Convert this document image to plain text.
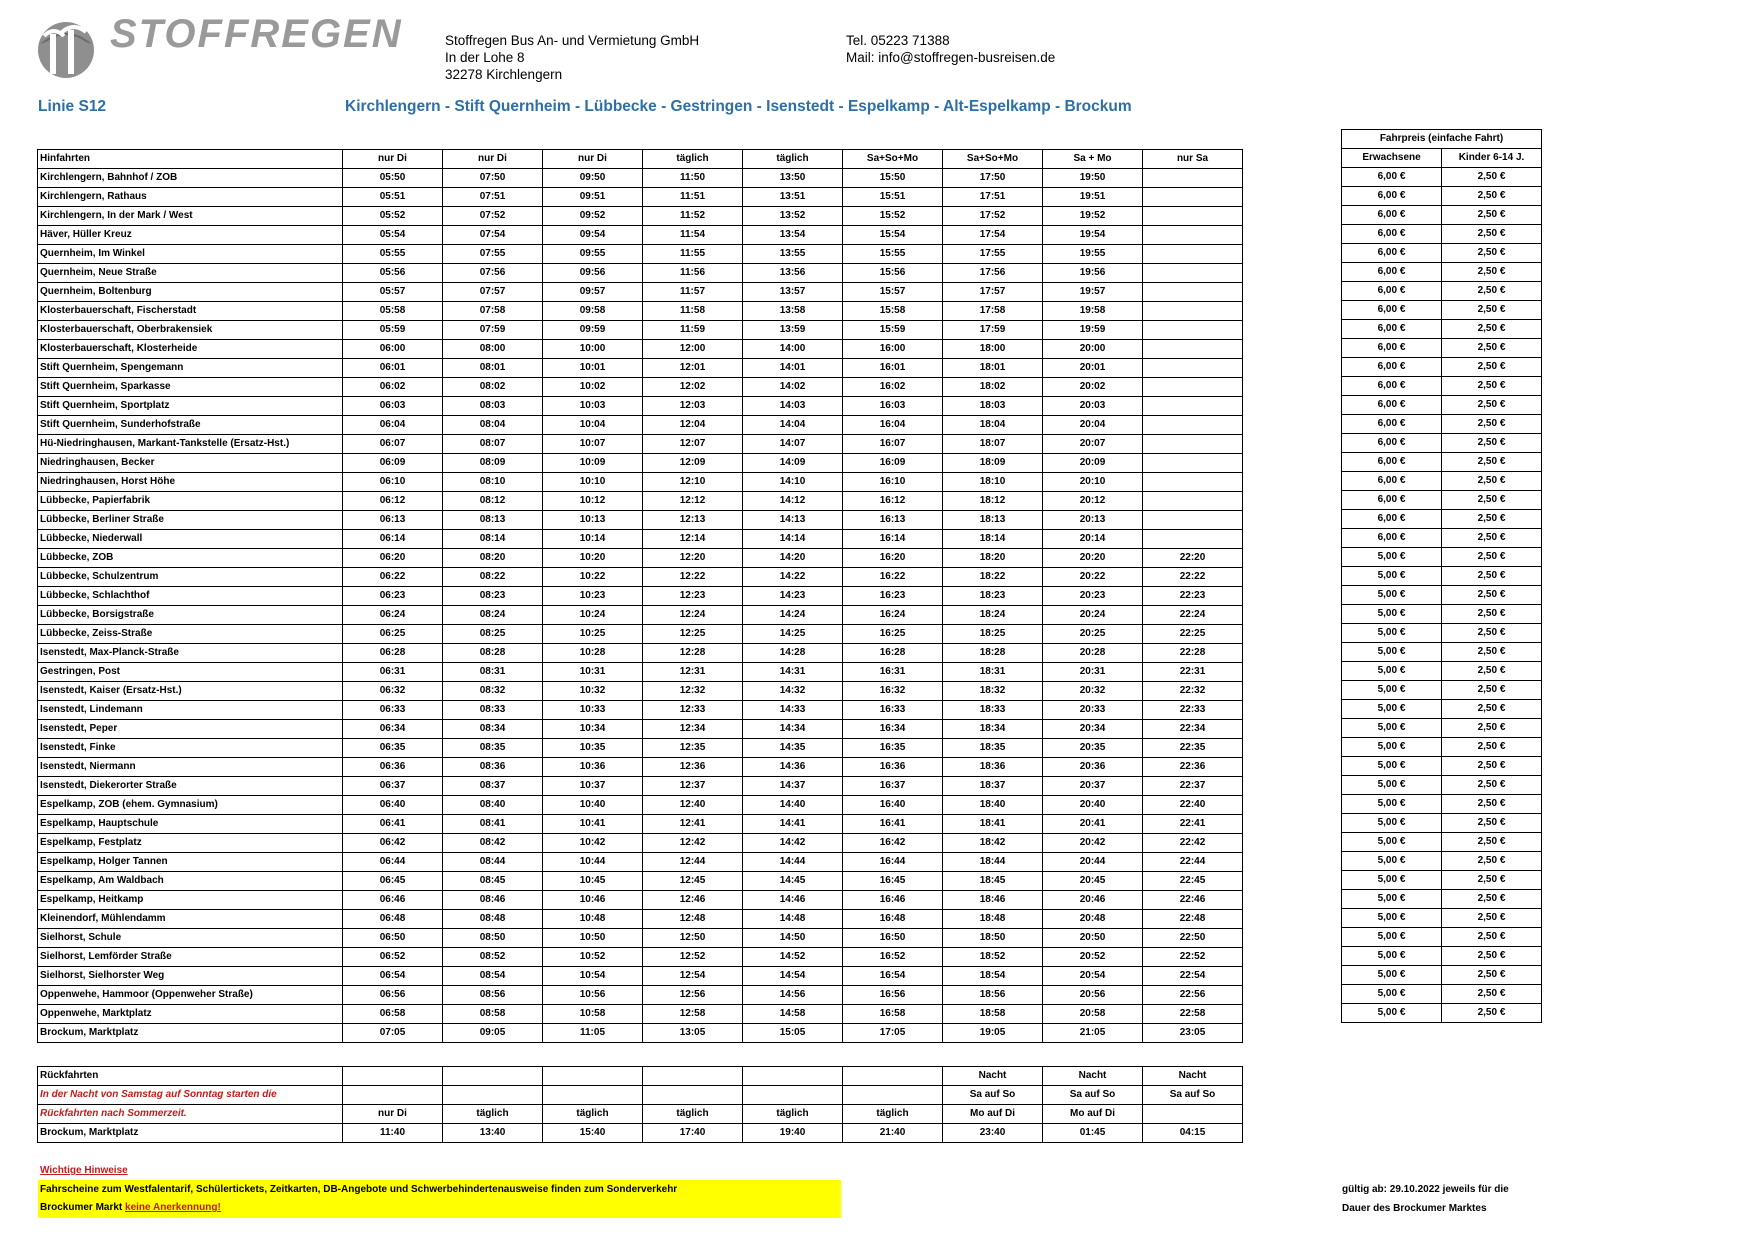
STOFFREGEN	Stoffregen Bus An- und Vermietung GmbH
In der Lohe 8
32278 Kirchlengern
Tel. 05223 71388
Mail: info@stoffregen-busreisen.de
Linie S12	Kirchlengern - Stift Quernheim - Lübbecke - Gestringen - Isenstedt - Espelkamp - Alt-Espelkamp - Brockum
Hinfahrten	nur Di	nur Di	nur Di	täglich	täglich	Sa+So+Mo	Sa+So+Mo	Sa + Mo	nur Sa
Kirchlengern, Bahnhof / ZOB	05:50	07:50	09:50	11:50	13:50	15:50	17:50	19:50	
Kirchlengern, Rathaus	05:51	07:51	09:51	11:51	13:51	15:51	17:51	19:51	
Kirchlengern, In der Mark / West	05:52	07:52	09:52	11:52	13:52	15:52	17:52	19:52	
Häver, Hüller Kreuz	05:54	07:54	09:54	11:54	13:54	15:54	17:54	19:54	
Quernheim, Im Winkel	05:55	07:55	09:55	11:55	13:55	15:55	17:55	19:55	
Quernheim, Neue Straße	05:56	07:56	09:56	11:56	13:56	15:56	17:56	19:56	
Quernheim, Boltenburg	05:57	07:57	09:57	11:57	13:57	15:57	17:57	19:57	
Klosterbauerschaft, Fischerstadt	05:58	07:58	09:58	11:58	13:58	15:58	17:58	19:58	
Klosterbauerschaft, Oberbrakensiek	05:59	07:59	09:59	11:59	13:59	15:59	17:59	19:59	
Klosterbauerschaft, Klosterheide	06:00	08:00	10:00	12:00	14:00	16:00	18:00	20:00	
Stift Quernheim, Spengemann	06:01	08:01	10:01	12:01	14:01	16:01	18:01	20:01	
Stift Quernheim, Sparkasse	06:02	08:02	10:02	12:02	14:02	16:02	18:02	20:02	
Stift Quernheim, Sportplatz	06:03	08:03	10:03	12:03	14:03	16:03	18:03	20:03	
Stift Quernheim, Sunderhofstraße	06:04	08:04	10:04	12:04	14:04	16:04	18:04	20:04	
Hü-Niedringhausen, Markant-Tankstelle (Ersatz-Hst.)	06:07	08:07	10:07	12:07	14:07	16:07	18:07	20:07	
Niedringhausen, Becker	06:09	08:09	10:09	12:09	14:09	16:09	18:09	20:09	
Niedringhausen, Horst Höhe	06:10	08:10	10:10	12:10	14:10	16:10	18:10	20:10	
Lübbecke, Papierfabrik	06:12	08:12	10:12	12:12	14:12	16:12	18:12	20:12	
Lübbecke, Berliner Straße	06:13	08:13	10:13	12:13	14:13	16:13	18:13	20:13	
Lübbecke, Niederwall	06:14	08:14	10:14	12:14	14:14	16:14	18:14	20:14	
Lübbecke, ZOB	06:20	08:20	10:20	12:20	14:20	16:20	18:20	20:20	22:20
Lübbecke, Schulzentrum	06:22	08:22	10:22	12:22	14:22	16:22	18:22	20:22	22:22
Lübbecke, Schlachthof	06:23	08:23	10:23	12:23	14:23	16:23	18:23	20:23	22:23
Lübbecke, Borsigstraße	06:24	08:24	10:24	12:24	14:24	16:24	18:24	20:24	22:24
Lübbecke, Zeiss-Straße	06:25	08:25	10:25	12:25	14:25	16:25	18:25	20:25	22:25
Isenstedt, Max-Planck-Straße	06:28	08:28	10:28	12:28	14:28	16:28	18:28	20:28	22:28
Gestringen, Post	06:31	08:31	10:31	12:31	14:31	16:31	18:31	20:31	22:31
Isenstedt, Kaiser (Ersatz-Hst.)	06:32	08:32	10:32	12:32	14:32	16:32	18:32	20:32	22:32
Isenstedt, Lindemann	06:33	08:33	10:33	12:33	14:33	16:33	18:33	20:33	22:33
Isenstedt, Peper	06:34	08:34	10:34	12:34	14:34	16:34	18:34	20:34	22:34
Isenstedt, Finke	06:35	08:35	10:35	12:35	14:35	16:35	18:35	20:35	22:35
Isenstedt, Niermann	06:36	08:36	10:36	12:36	14:36	16:36	18:36	20:36	22:36
Isenstedt, Diekerorter Straße	06:37	08:37	10:37	12:37	14:37	16:37	18:37	20:37	22:37
Espelkamp, ZOB (ehem. Gymnasium)	06:40	08:40	10:40	12:40	14:40	16:40	18:40	20:40	22:40
Espelkamp, Hauptschule	06:41	08:41	10:41	12:41	14:41	16:41	18:41	20:41	22:41
Espelkamp, Festplatz	06:42	08:42	10:42	12:42	14:42	16:42	18:42	20:42	22:42
Espelkamp, Holger Tannen	06:44	08:44	10:44	12:44	14:44	16:44	18:44	20:44	22:44
Espelkamp, Am Waldbach	06:45	08:45	10:45	12:45	14:45	16:45	18:45	20:45	22:45
Espelkamp, Heitkamp	06:46	08:46	10:46	12:46	14:46	16:46	18:46	20:46	22:46
Kleinendorf, Mühlendamm	06:48	08:48	10:48	12:48	14:48	16:48	18:48	20:48	22:48
Sielhorst, Schule	06:50	08:50	10:50	12:50	14:50	16:50	18:50	20:50	22:50
Sielhorst, Lemförder Straße	06:52	08:52	10:52	12:52	14:52	16:52	18:52	20:52	22:52
Sielhorst, Sielhorster Weg	06:54	08:54	10:54	12:54	14:54	16:54	18:54	20:54	22:54
Oppenwehe, Hammoor (Oppenweher Straße)	06:56	08:56	10:56	12:56	14:56	16:56	18:56	20:56	22:56
Oppenwehe, Marktplatz	06:58	08:58	10:58	12:58	14:58	16:58	18:58	20:58	22:58
Brockum, Marktplatz	07:05	09:05	11:05	13:05	15:05	17:05	19:05	21:05	23:05
Fahrpreis (einfache Fahrt)	
Erwachsene	Kinder 6-14 J.
6,00 €	2,50 €
6,00 €	2,50 €
6,00 €	2,50 €
6,00 €	2,50 €
6,00 €	2,50 €
6,00 €	2,50 €
6,00 €	2,50 €
6,00 €	2,50 €
6,00 €	2,50 €
6,00 €	2,50 €
6,00 €	2,50 €
6,00 €	2,50 €
6,00 €	2,50 €
6,00 €	2,50 €
6,00 €	2,50 €
6,00 €	2,50 €
6,00 €	2,50 €
6,00 €	2,50 €
6,00 €	2,50 €
6,00 €	2,50 €
5,00 €	2,50 €
5,00 €	2,50 €
5,00 €	2,50 €
5,00 €	2,50 €
5,00 €	2,50 €
5,00 €	2,50 €
5,00 €	2,50 €
5,00 €	2,50 €
5,00 €	2,50 €
5,00 €	2,50 €
5,00 €	2,50 €
5,00 €	2,50 €
5,00 €	2,50 €
5,00 €	2,50 €
5,00 €	2,50 €
5,00 €	2,50 €
5,00 €	2,50 €
5,00 €	2,50 €
5,00 €	2,50 €
5,00 €	2,50 €
5,00 €	2,50 €
5,00 €	2,50 €
5,00 €	2,50 €
5,00 €	2,50 €
5,00 €	2,50 €
Rückfahrten							Nacht	Nacht	Nacht
In der Nacht von Samstag auf Sonntag starten die							Sa auf So	Sa auf So	Sa auf So
Rückfahrten nach Sommerzeit.	nur Di	täglich	täglich	täglich	täglich	täglich	Mo auf Di	Mo auf Di	
Brockum, Marktplatz	11:40	13:40	15:40	17:40	19:40	21:40	23:40	01:45	04:15
Wichtige Hinweise
Fahrscheine zum Westfalentarif, Schülertickets, Zeitkarten, DB-Angebote und Schwerbehindertenausweise finden zum Sonderverkehr
Brockumer Markt keine Anerkennung!
gültig ab: 29.10.2022 jeweils für die
Dauer des Brockumer Marktes
